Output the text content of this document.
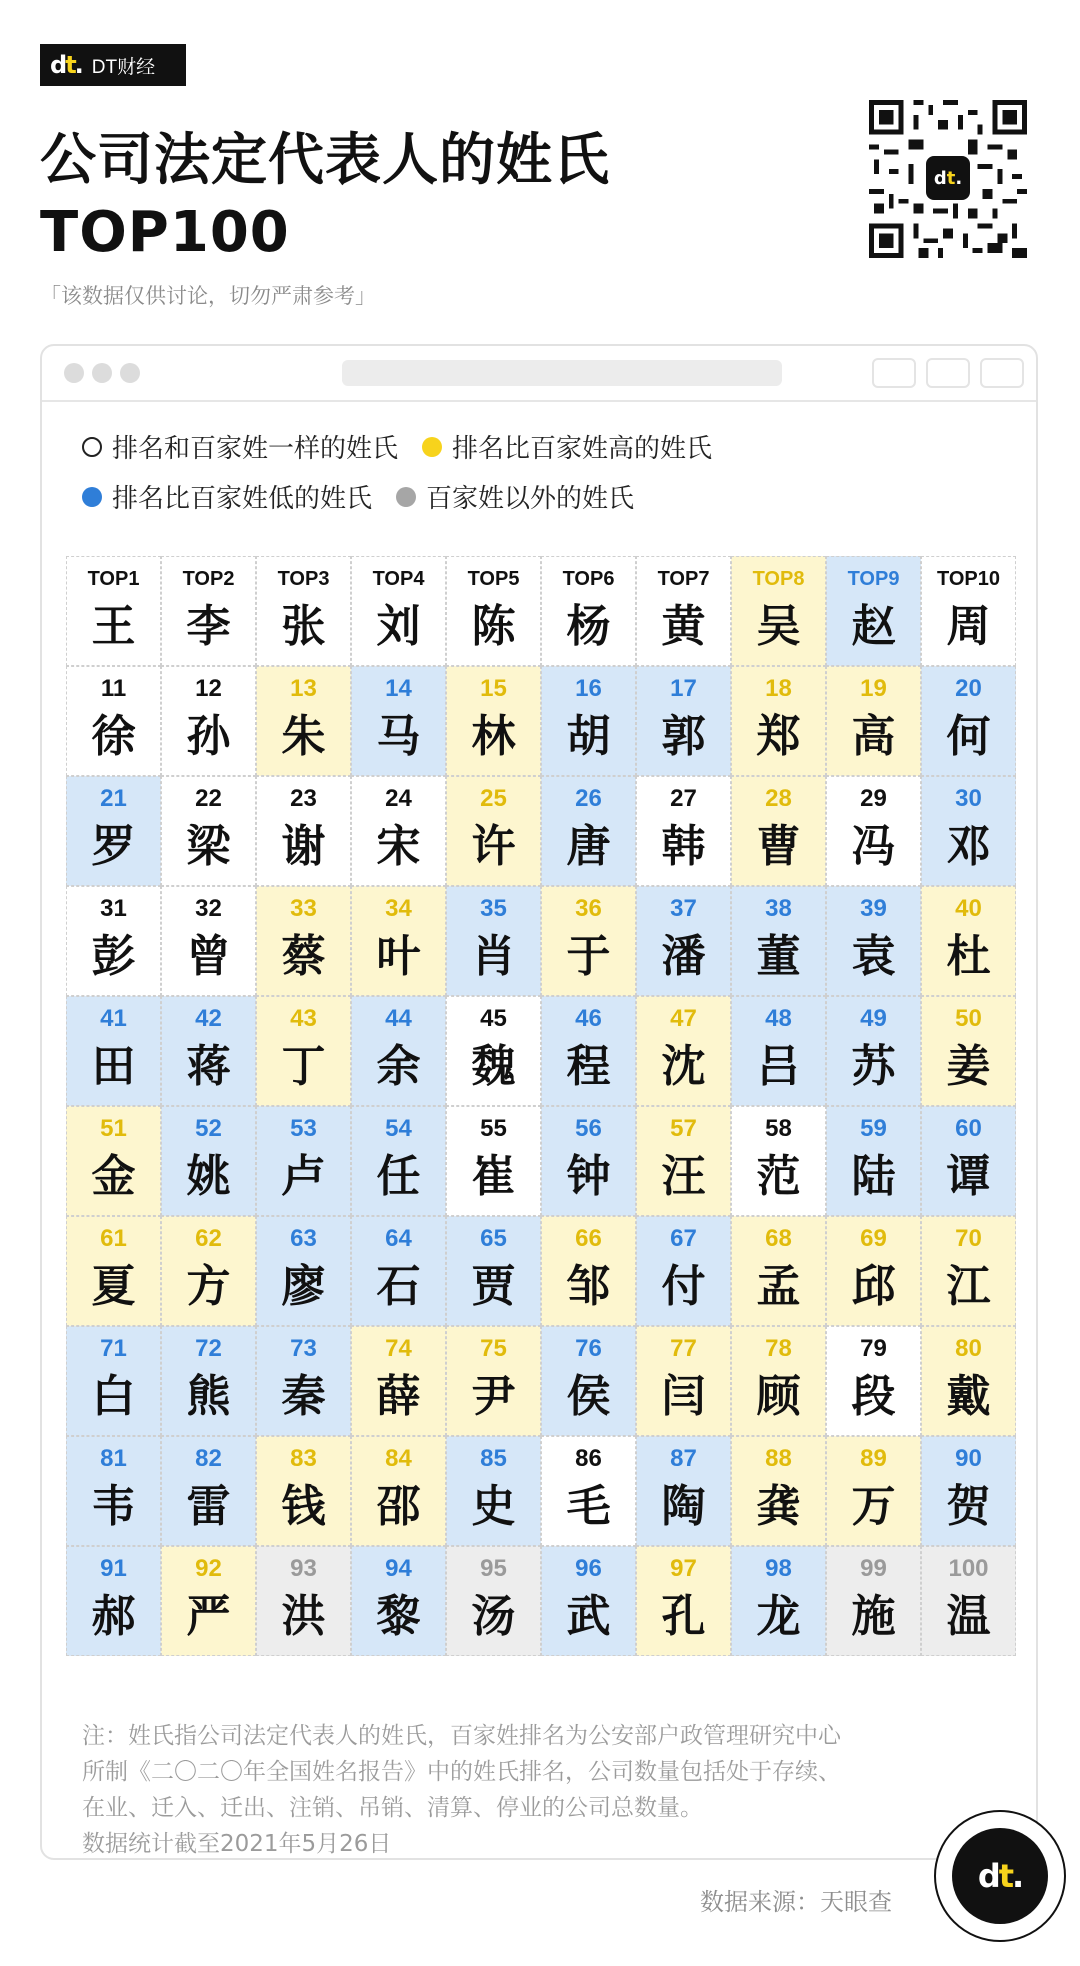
dt. DT财经
公司法定代表人的姓氏
TOP100
「该数据仅供讨论，切勿严肃参考」
d t .
排名和百家姓一样的姓氏 排名比百家姓高的姓氏
排名比百家姓低的姓氏 百家姓以外的姓氏
TOP1
王
TOP2
李
TOP3
张
TOP4
刘
TOP5
陈
TOP6
杨
TOP7
黄
TOP8
吴
TOP9
赵
TOP10
周
11
徐
12
孙
13
朱
14
马
15
林
16
胡
17
郭
18
郑
19
高
20
何
21
罗
22
梁
23
谢
24
宋
25
许
26
唐
27
韩
28
曹
29
冯
30
邓
31
彭
32
曾
33
蔡
34
叶
35
肖
36
于
37
潘
38
董
39
袁
40
杜
41
田
42
蒋
43
丁
44
余
45
魏
46
程
47
沈
48
吕
49
苏
50
姜
51
金
52
姚
53
卢
54
任
55
崔
56
钟
57
汪
58
范
59
陆
60
谭
61
夏
62
方
63
廖
64
石
65
贾
66
邹
67
付
68
孟
69
邱
70
江
71
白
72
熊
73
秦
74
薛
75
尹
76
侯
77
闫
78
顾
79
段
80
戴
81
韦
82
雷
83
钱
84
邵
85
史
86
毛
87
陶
88
龚
89
万
90
贺
91
郝
92
严
93
洪
94
黎
95
汤
96
武
97
孔
98
龙
99
施
100
温
注：姓氏指公司法定代表人的姓氏，百家姓排名为公安部户政管理研究中心
所制《二〇二〇年全国姓名报告》中的姓氏排名，公司数量包括处于存续、
在业、迁入、迁出、注销、吊销、清算、停业的公司总数量。
数据统计截至2021年5月26日
数据来源：天眼查
d t .
